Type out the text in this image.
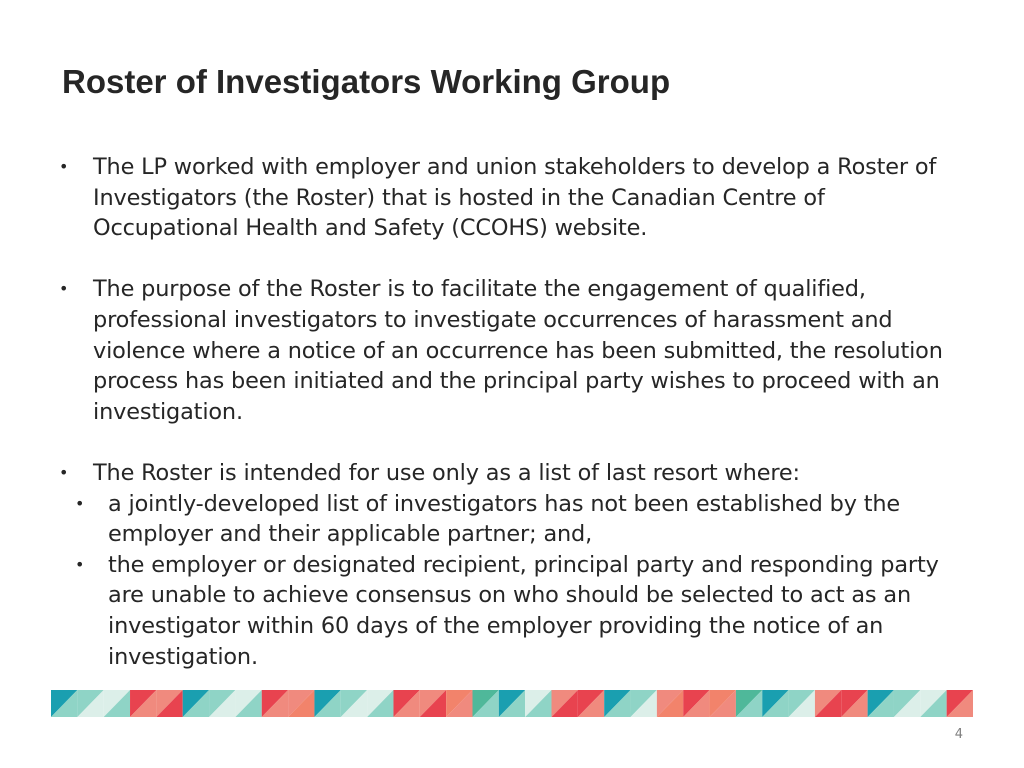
Roster of Investigators Working Group
• The LP worked with employer and union stakeholders to develop a Roster of Investigators (the Roster) that is hosted in the Canadian Centre of Occupational Health and Safety (CCOHS) website.
• The purpose of the Roster is to facilitate the engagement of qualified, professional investigators to investigate occurrences of harassment and violence where a notice of an occurrence has been submitted, the resolution process has been initiated and the principal party wishes to proceed with an investigation.
• The Roster is intended for use only as a list of last resort where:
• a jointly-developed list of investigators has not been established by the employer and their applicable partner; and,
• the employer or designated recipient, principal party and responding party are unable to achieve consensus on who should be selected to act as an investigator within 60 days of the employer providing the notice of an investigation.
4
